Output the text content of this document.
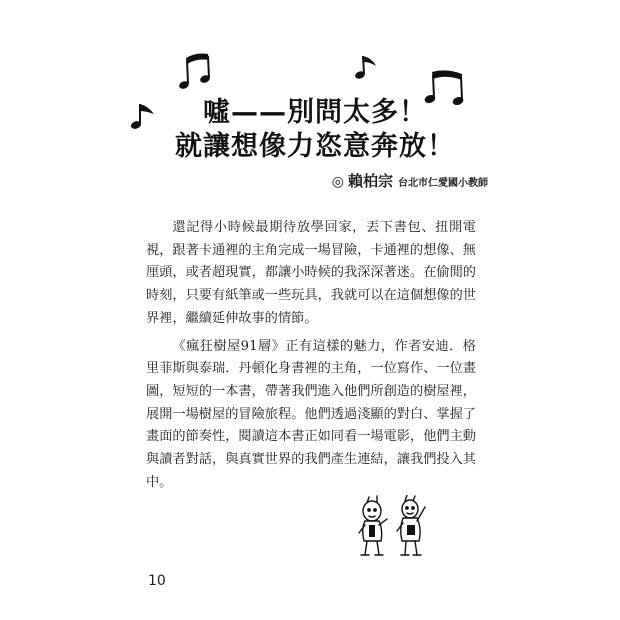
噓——別問太多！
就讓想像力恣意奔放！
◎ 賴柏宗 台北市仁愛國小教師

還記得小時候最期待放學回家，丟下書包、扭開電視，跟著卡通裡的主角完成一場冒險，卡通裡的想像、無厘頭，或者超現實，都讓小時候的我深深著迷。在偷閒的時刻，只要有紙筆或一些玩具，我就可以在這個想像的世界裡，繼續延伸故事的情節。

《瘋狂樹屋91層》正有這樣的魅力，作者安迪．格里菲斯與泰瑞．丹頓化身書裡的主角，一位寫作、一位畫圖，短短的一本書，帶著我們進入他們所創造的樹屋裡，展開一場樹屋的冒險旅程。他們透過淺顯的對白、掌握了畫面的節奏性，閱讀這本書正如同看一場電影，他們主動與讀者對話，與真實世界的我們產生連結，讓我們投入其中。

10
